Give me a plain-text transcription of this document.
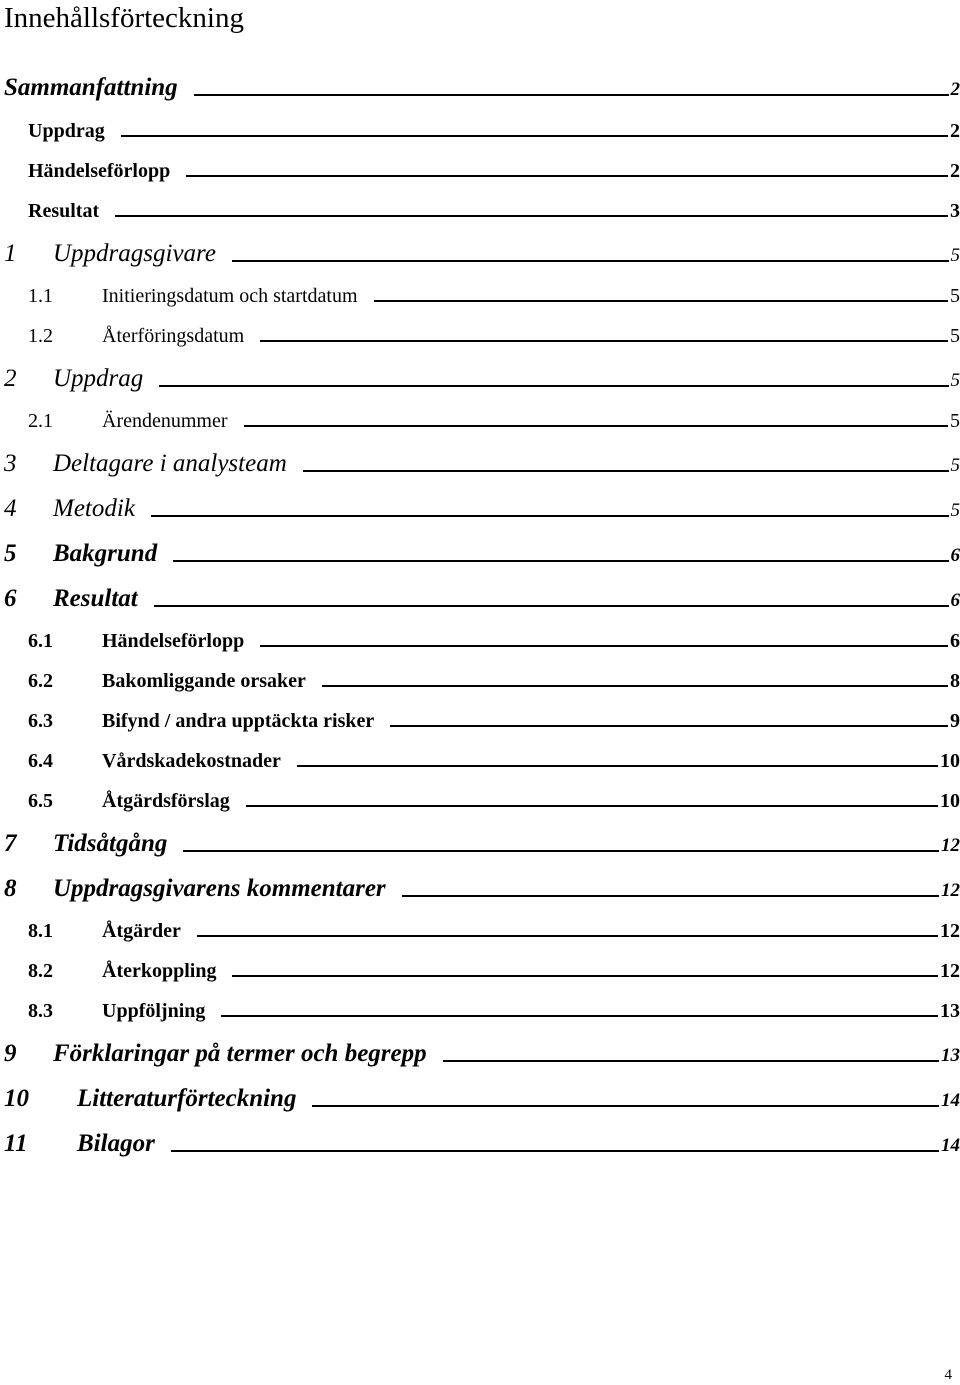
Innehållsförteckning
Sammanfattning	2
Uppdrag	2
Händelseförlopp	2
Resultat	3
1	Uppdragsgivare	5
1.1	Initieringsdatum och startdatum	5
1.2	Återföringsdatum	5
2	Uppdrag	5
2.1	Ärendenummer	5
3	Deltagare i analysteam	5
4	Metodik	5
5	Bakgrund	6
6	Resultat	6
6.1	Händelseförlopp	6
6.2	Bakomliggande orsaker	8
6.3	Bifynd / andra upptäckta risker	9
6.4	Vårdskadekostnader	10
6.5	Åtgärdsförslag	10
7	Tidsåtgång	12
8	Uppdragsgivarens kommentarer	12
8.1	Åtgärder	12
8.2	Återkoppling	12
8.3	Uppföljning	13
9	Förklaringar på termer och begrepp	13
10	Litteraturförteckning	14
11	Bilagor	14
4
